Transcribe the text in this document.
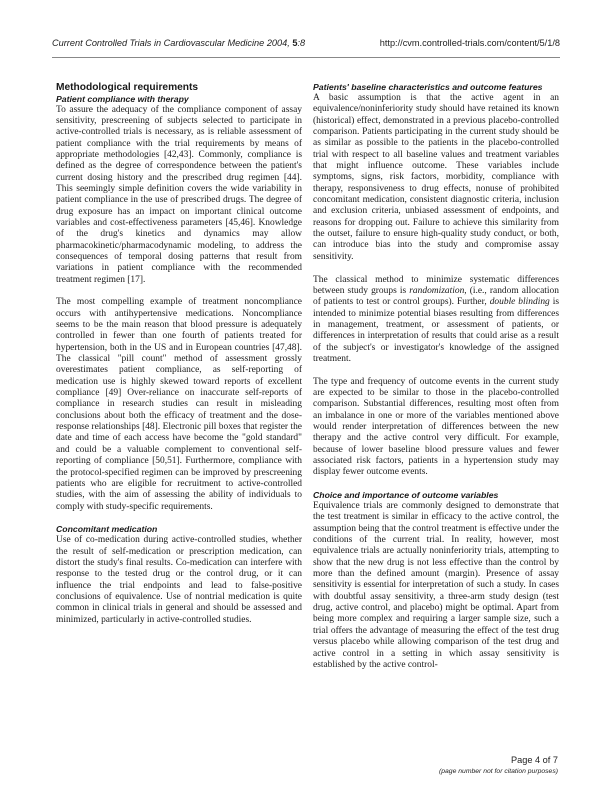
Current Controlled Trials in Cardiovascular Medicine 2004, 5:8	http://cvm.controlled-trials.com/content/5/1/8
Methodological requirements
Patient compliance with therapy

To assure the adequacy of the compliance component of assay sensitivity, prescreening of subjects selected to participate in active-controlled trials is necessary, as is reliable assessment of patient compliance with the trial requirements by means of appropriate methodologies [42,43]. Commonly, compliance is defined as the degree of correspondence between the patient's current dosing history and the prescribed drug regimen [44]. This seemingly simple definition covers the wide variability in patient compliance in the use of prescribed drugs. The degree of drug exposure has an impact on important clinical outcome variables and cost-effectiveness parameters [45,46]. Knowledge of the drug's kinetics and dynamics may allow pharmacokinetic/pharmacodynamic modeling, to address the consequences of temporal dosing patterns that result from variations in patient compliance with the recommended treatment regimen [17].

The most compelling example of treatment noncompliance occurs with antihypertensive medications. Noncompliance seems to be the main reason that blood pressure is adequately controlled in fewer than one fourth of patients treated for hypertension, both in the US and in European countries [47,48]. The classical "pill count" method of assessment grossly overestimates patient compliance, as self-reporting of medication use is highly skewed toward reports of excellent compliance [49] Over-reliance on inaccurate self-reports of compliance in research studies can result in misleading conclusions about both the efficacy of treatment and the dose-response relationships [48]. Electronic pill boxes that register the date and time of each access have become the "gold standard" and could be a valuable complement to conventional self-reporting of compliance [50,51]. Furthermore, compliance with the protocol-specified regimen can be improved by prescreening patients who are eligible for recruitment to active-controlled studies, with the aim of assessing the ability of individuals to comply with study-specific requirements.

Concomitant medication

Use of co-medication during active-controlled studies, whether the result of self-medication or prescription medication, can distort the study's final results. Co-medication can interfere with response to the tested drug or the control drug, or it can influence the trial endpoints and lead to false-positive conclusions of equivalence. Use of nontrial medication is quite common in clinical trials in general and should be assessed and minimized, particularly in active-controlled studies.

Patients' baseline characteristics and outcome features

A basic assumption is that the active agent in an equivalence/noninferiority study should have retained its known (historical) effect, demonstrated in a previous placebo-controlled comparison. Patients participating in the current study should be as similar as possible to the patients in the placebo-controlled trial with respect to all baseline values and treatment variables that might influence outcome. These variables include symptoms, signs, risk factors, morbidity, compliance with therapy, responsiveness to drug effects, nonuse of prohibited concomitant medication, consistent diagnostic criteria, inclusion and exclusion criteria, unbiased assessment of endpoints, and reasons for dropping out. Failure to achieve this similarity from the outset, failure to ensure high-quality study conduct, or both, can introduce bias into the study and compromise assay sensitivity.

The classical method to minimize systematic differences between study groups is randomization, (i.e., random allocation of patients to test or control groups). Further, double blinding is intended to minimize potential biases resulting from differences in management, treatment, or assessment of patients, or differences in interpretation of results that could arise as a result of the subject's or investigator's knowledge of the assigned treatment.

The type and frequency of outcome events in the current study are expected to be similar to those in the placebo-controlled comparison. Substantial differences, resulting most often from an imbalance in one or more of the variables mentioned above would render interpretation of differences between the new therapy and the active control very difficult. For example, because of lower baseline blood pressure values and fewer associated risk factors, patients in a hypertension study may display fewer outcome events.

Choice and importance of outcome variables

Equivalence trials are commonly designed to demonstrate that the test treatment is similar in efficacy to the active control, the assumption being that the control treatment is effective under the conditions of the current trial. In reality, however, most equivalence trials are actually noninferiority trials, attempting to show that the new drug is not less effective than the control by more than the defined amount (margin). Presence of assay sensitivity is essential for interpretation of such a study. In cases with doubtful assay sensitivity, a three-arm study design (test drug, active control, and placebo) might be optimal. Apart from being more complex and requiring a larger sample size, such a trial offers the advantage of measuring the effect of the test drug versus placebo while allowing comparison of the test drug and active control in a setting in which assay sensitivity is established by the active control-

Page 4 of 7
(page number not for citation purposes)
